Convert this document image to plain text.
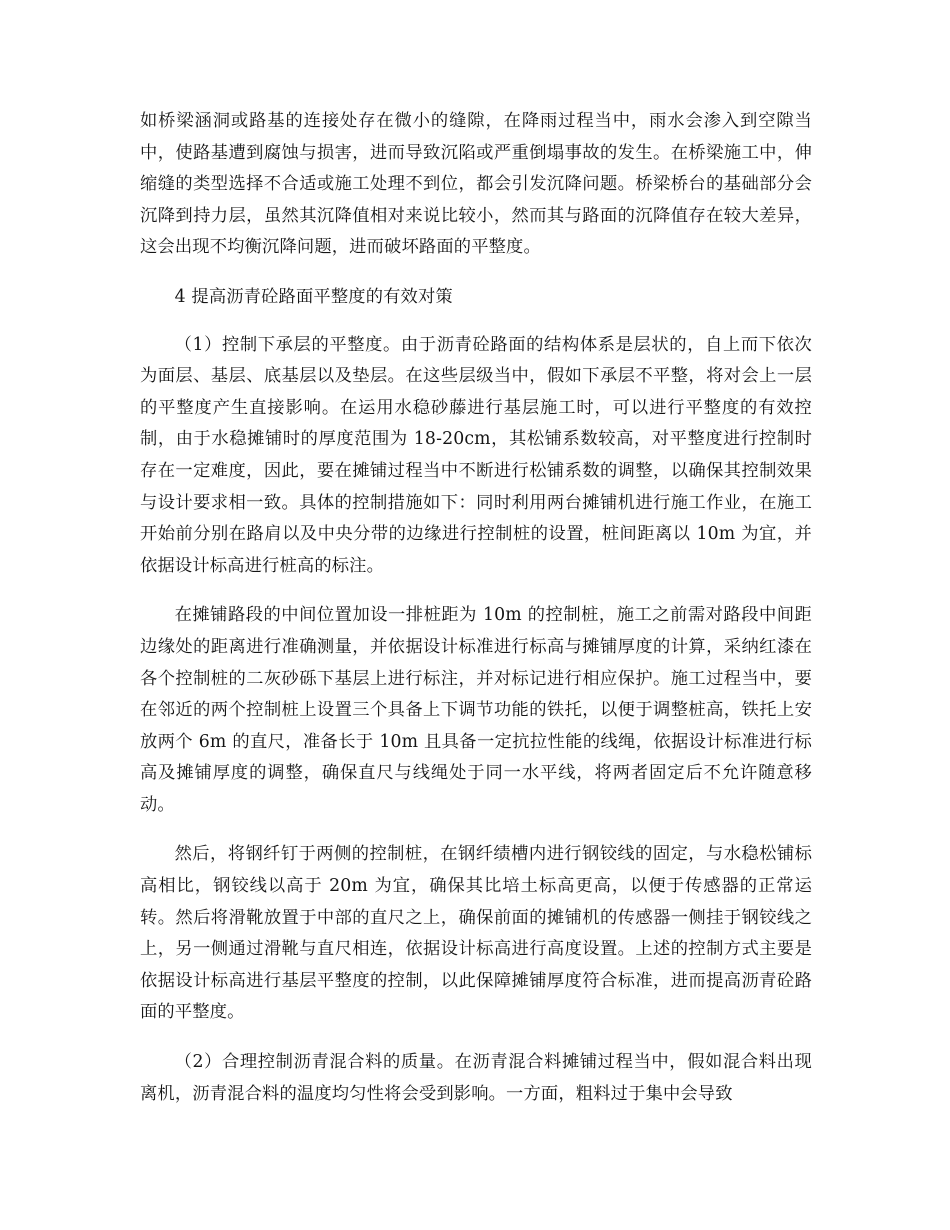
如桥梁涵洞或路基的连接处存在微小的缝隙，在降雨过程当中，雨水会渗入到空隙当中，使路基遭到腐蚀与损害，进而导致沉陷或严重倒塌事故的发生。在桥梁施工中，伸缩缝的类型选择不合适或施工处理不到位，都会引发沉降问题。桥梁桥台的基础部分会沉降到持力层，虽然其沉降值相对来说比较小，然而其与路面的沉降值存在较大差异，这会出现不均衡沉降问题，进而破坏路面的平整度。

4 提高沥青砼路面平整度的有效对策

（1）控制下承层的平整度。由于沥青砼路面的结构体系是层状的，自上而下依次为面层、基层、底基层以及垫层。在这些层级当中，假如下承层不平整，将对会上一层的平整度产生直接影响。在运用水稳砂藤进行基层施工时，可以进行平整度的有效控制，由于水稳摊铺时的厚度范围为 18-20cm，其松铺系数较高，对平整度进行控制时存在一定难度，因此，要在摊铺过程当中不断进行松铺系数的调整，以确保其控制效果与设计要求相一致。具体的控制措施如下：同时利用两台摊铺机进行施工作业，在施工开始前分别在路肩以及中央分带的边缘进行控制桩的设置，桩间距离以 10m 为宜，并依据设计标高进行桩高的标注。

在摊铺路段的中间位置加设一排桩距为 10m 的控制桩，施工之前需对路段中间距边缘处的距离进行准确测量，并依据设计标准进行标高与摊铺厚度的计算，采纳红漆在各个控制桩的二灰砂砾下基层上进行标注，并对标记进行相应保护。施工过程当中，要在邻近的两个控制桩上设置三个具备上下调节功能的铁托，以便于调整桩高，铁托上安放两个 6m 的直尺，准备长于 10m 且具备一定抗拉性能的线绳，依据设计标准进行标高及摊铺厚度的调整，确保直尺与线绳处于同一水平线，将两者固定后不允许随意移动。

然后，将钢纤钉于两侧的控制桩，在钢纤绩槽内进行钢铰线的固定，与水稳松铺标高相比，钢铰线以高于 20m 为宜，确保其比培土标高更高，以便于传感器的正常运转。然后将滑靴放置于中部的直尺之上，确保前面的摊铺机的传感器一侧挂于钢铰线之上，另一侧通过滑靴与直尺相连，依据设计标高进行高度设置。上述的控制方式主要是依据设计标高进行基层平整度的控制，以此保障摊铺厚度符合标准，进而提高沥青砼路面的平整度。

（2）合理控制沥青混合料的质量。在沥青混合料摊铺过程当中，假如混合料出现离机，沥青混合料的温度均匀性将会受到影响。一方面，粗料过于集中会导致
